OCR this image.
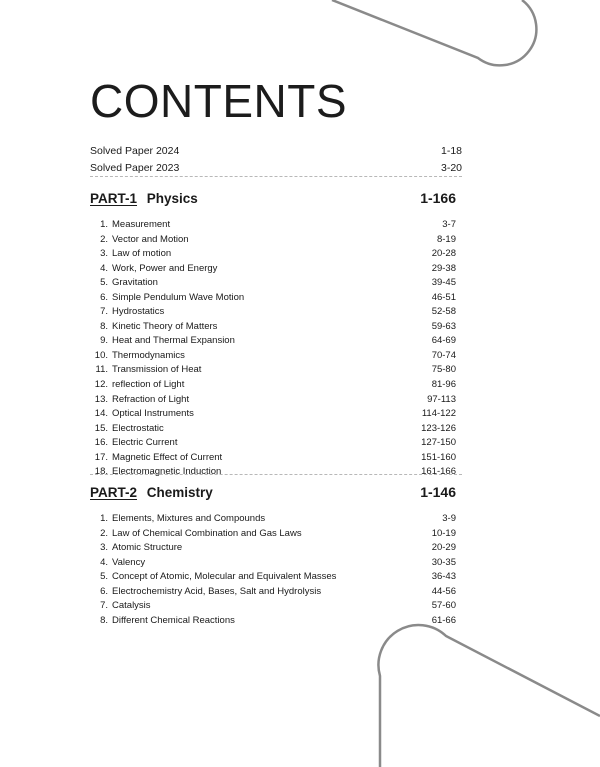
CONTENTS
Solved Paper 2024	1-18
Solved Paper 2023	3-20
PART-1 Physics	1-166
1. Measurement	3-7
2. Vector and Motion	8-19
3. Law of motion	20-28
4. Work, Power and Energy	29-38
5. Gravitation	39-45
6. Simple Pendulum Wave Motion	46-51
7. Hydrostatics	52-58
8. Kinetic Theory of Matters	59-63
9. Heat and Thermal Expansion	64-69
10. Thermodynamics	70-74
11. Transmission of Heat	75-80
12. reflection of Light	81-96
13. Refraction of Light	97-113
14. Optical Instruments	114-122
15. Electrostatic	123-126
16. Electric Current	127-150
17. Magnetic Effect of Current	151-160
18. Electromagnetic Induction	161-166
PART-2 Chemistry	1-146
1. Elements, Mixtures and Compounds	3-9
2. Law of Chemical Combination and Gas Laws	10-19
3. Atomic Structure	20-29
4. Valency	30-35
5. Concept of Atomic, Molecular and Equivalent Masses	36-43
6. Electrochemistry Acid, Bases, Salt and Hydrolysis	44-56
7. Catalysis	57-60
8. Different Chemical Reactions	61-66
